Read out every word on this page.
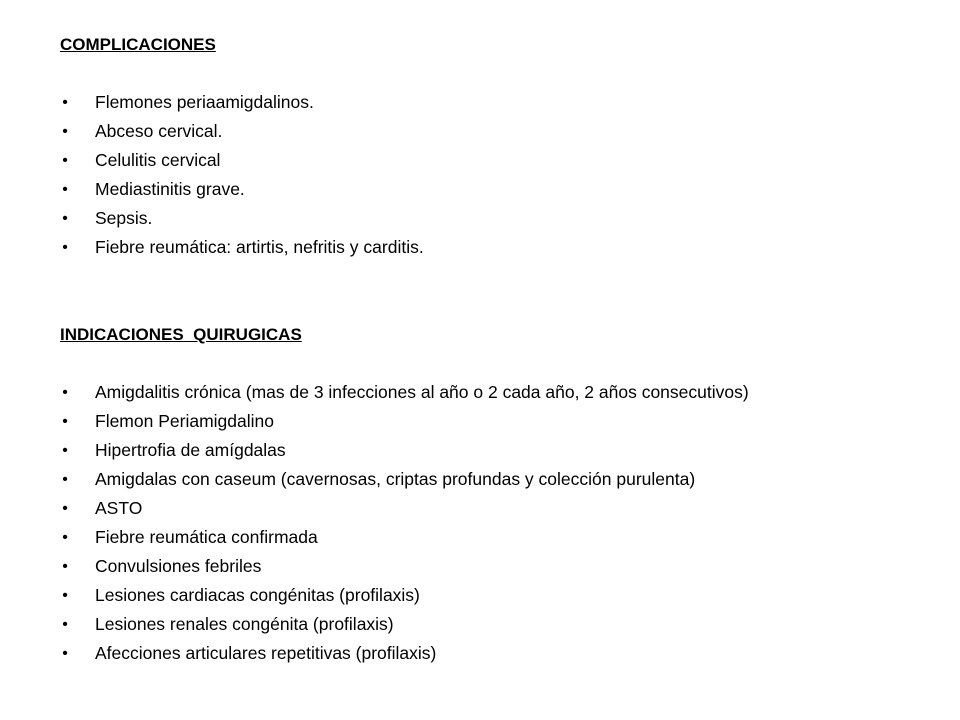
COMPLICACIONES
• Flemones periaamigdalinos.
• Abceso cervical.
• Celulitis cervical
• Mediastinitis grave.
• Sepsis.
• Fiebre reumática: artirtis, nefritis y carditis.
INDICACIONES  QUIRUGICAS
• Amigdalitis crónica (mas de 3 infecciones al año o 2 cada año, 2 años consecutivos)
• Flemon Periamigdalino
• Hipertrofia de amígdalas
• Amigdalas con caseum (cavernosas, criptas profundas y colección purulenta)
• ASTO
• Fiebre reumática confirmada
• Convulsiones febriles
• Lesiones cardiacas congénitas (profilaxis)
• Lesiones renales congénita (profilaxis)
• Afecciones articulares repetitivas (profilaxis)
